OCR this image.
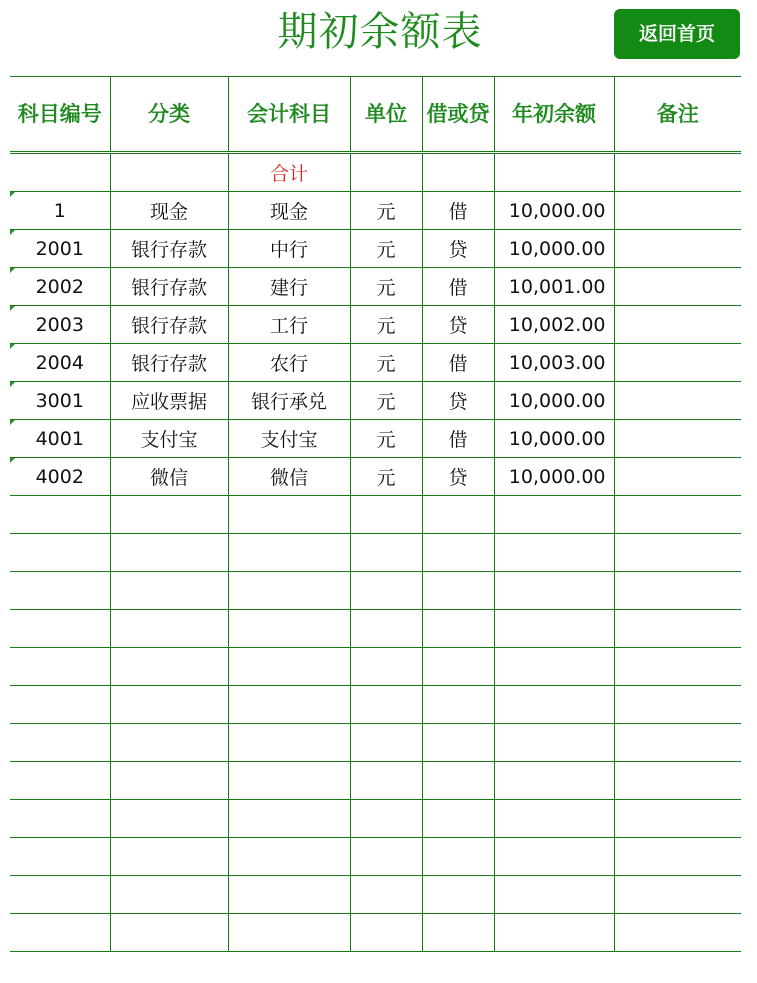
期初余额表	返回首页
科目编号	分类	会计科目	单位	借或贷	年初余额	备注
		合计				

1	现金	现金	元	借	10,000.00	

2001	银行存款	中行	元	贷	10,000.00	

2002	银行存款	建行	元	借	10,001.00	

2003	银行存款	工行	元	贷	10,002.00	

2004	银行存款	农行	元	借	10,003.00	

3001	应收票据	银行承兑	元	贷	10,000.00	

4001	支付宝	支付宝	元	借	10,000.00	

4002	微信	微信	元	贷	10,000.00	
